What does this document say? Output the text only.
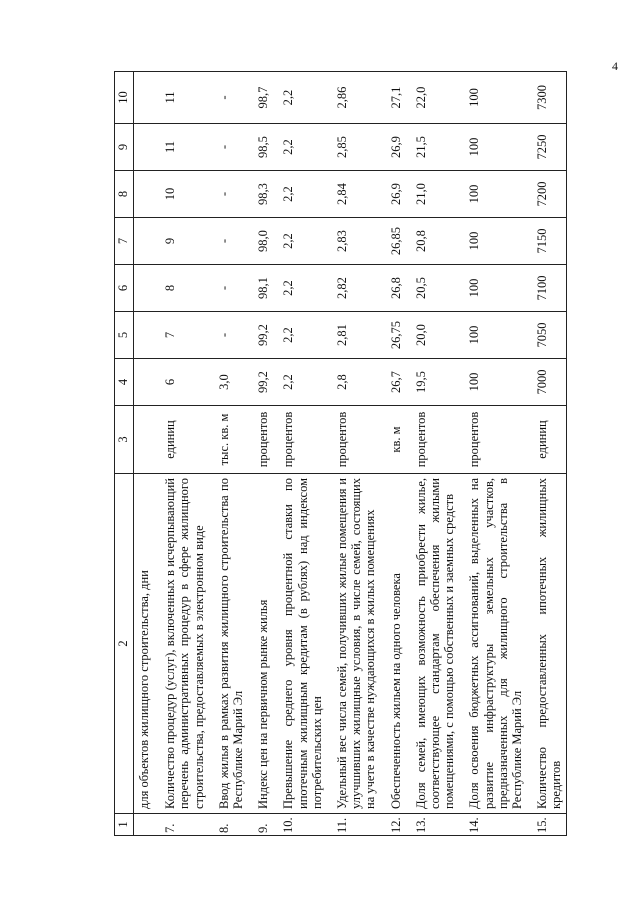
4
1	2	3	4	5	6	7	8	9	10
	для объектов жилищного строительства, дни								
7.	Количество процедур (услуг), включенных в исчерпывающий перечень административных процедур в сфере жилищного строительства, предоставляемых в электронном виде	единиц	6	7	8	9	10	11	11
8.	Ввод жилья в рамках развития жилищного строительства по Республике Марий Эл	тыс. кв. м	3,0	-	-	-	-	-	-
9.	Индекс цен на первичном рынке жилья	процентов	99,2	99,2	98,1	98,0	98,3	98,5	98,7
10.	Превышение среднего уровня процентной ставки по ипотечным жилищным кредитам (в рублях) над индексом потребительских цен	процентов	2,2	2,2	2,2	2,2	2,2	2,2	2,2
11.	Удельный вес числа семей, получивших жилые помещения и улучшивших жилищные условия, в числе семей, состоящих на учете в качестве нуждающихся в жилых помещениях	процентов	2,8	2,81	2,82	2,83	2,84	2,85	2,86
12.	Обеспеченность жильем на одного человека	кв. м	26,7	26,75	26,8	26,85	26,9	26,9	27,1
13.	Доля семей, имеющих возможность приобрести жилье, соответствующее стандартам обеспечения жилыми помещениями, с помощью собственных и заемных средств	процентов	19,5	20,0	20,5	20,8	21,0	21,5	22,0
14.	Доля освоения бюджетных ассигнований, выделенных на развитие инфраструктуры земельных участков, предназначенных для жилищного строительства в Республике Марий Эл	процентов	100	100	100	100	100	100	100
15.	Количество предоставленных ипотечных жилищных кредитов	единиц	7000	7050	7100	7150	7200	7250	7300
